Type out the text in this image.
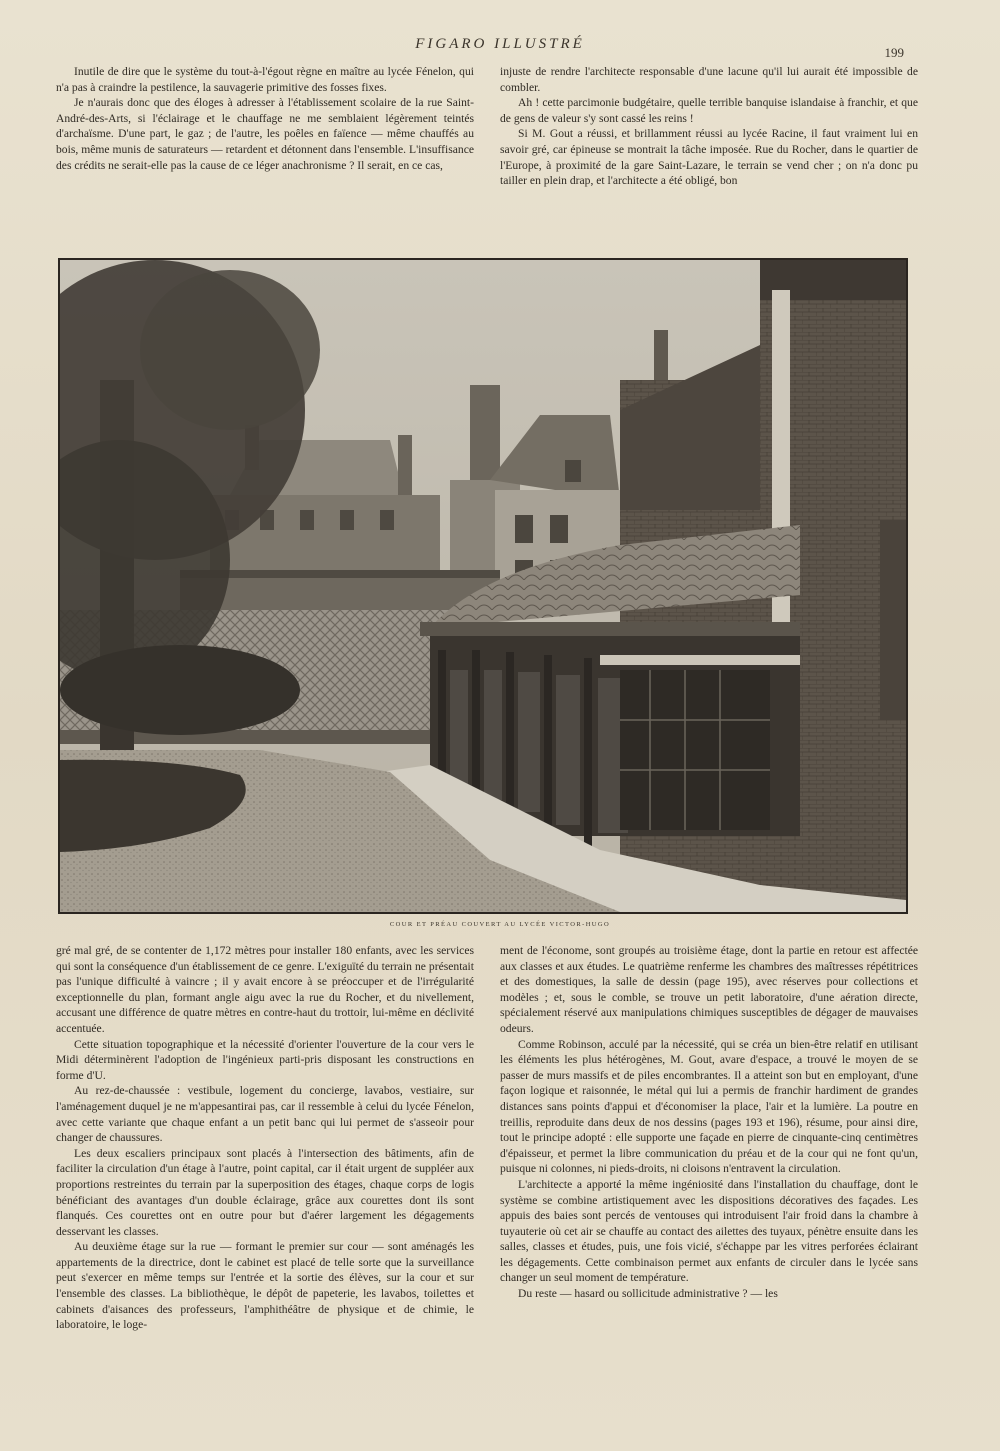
FIGARO ILLUSTRÉ
199

Inutile de dire que le système du tout-à-l'égout règne en maître au lycée Fénelon, qui n'a pas à craindre la pestilence, la sauvagerie primitive des fosses fixes.

Je n'aurais donc que des éloges à adresser à l'établissement scolaire de la rue Saint-André-des-Arts, si l'éclairage et le chauffage ne me semblaient légèrement teintés d'archaïsme. D'une part, le gaz ; de l'autre, les poêles en faïence — même chauffés au bois, même munis de saturateurs — retardent et détonnent dans l'ensemble. L'insuffisance des crédits ne serait-elle pas la cause de ce léger anachronisme ? Il serait, en ce cas,

injuste de rendre l'architecte responsable d'une lacune qu'il lui aurait été impossible de combler.

Ah ! cette parcimonie budgétaire, quelle terrible banquise islandaise à franchir, et que de gens de valeur s'y sont cassé les reins !

Si M. Gout a réussi, et brillamment réussi au lycée Racine, il faut vraiment lui en savoir gré, car épineuse se montrait la tâche imposée. Rue du Rocher, dans le quartier de l'Europe, à proximité de la gare Saint-Lazare, le terrain se vend cher ; on n'a donc pu tailler en plein drap, et l'architecte a été obligé, bon

COUR ET PRÉAU COUVERT AU LYCÉE VICTOR-HUGO

gré mal gré, de se contenter de 1,172 mètres pour installer 180 enfants, avec les services qui sont la conséquence d'un établissement de ce genre. L'exiguïté du terrain ne présentait pas l'unique difficulté à vaincre ; il y avait encore à se préoccuper et de l'irrégularité exceptionnelle du plan, formant angle aigu avec la rue du Rocher, et du nivellement, accusant une différence de quatre mètres en contre-haut du trottoir, lui-même en déclivité accentuée.

Cette situation topographique et la nécessité d'orienter l'ouverture de la cour vers le Midi déterminèrent l'adoption de l'ingénieux parti-pris disposant les constructions en forme d'U.

Au rez-de-chaussée : vestibule, logement du concierge, lavabos, vestiaire, sur l'aménagement duquel je ne m'appesantirai pas, car il ressemble à celui du lycée Fénelon, avec cette variante que chaque enfant a un petit banc qui lui permet de s'asseoir pour changer de chaussures.

Les deux escaliers principaux sont placés à l'intersection des bâtiments, afin de faciliter la circulation d'un étage à l'autre, point capital, car il était urgent de suppléer aux proportions restreintes du terrain par la superposition des étages, chaque corps de logis bénéficiant des avantages d'un double éclairage, grâce aux courettes dont ils sont flanqués. Ces courettes ont en outre pour but d'aérer largement les dégagements desservant les classes.

Au deuxième étage sur la rue — formant le premier sur cour — sont aménagés les appartements de la directrice, dont le cabinet est placé de telle sorte que la surveillance peut s'exercer en même temps sur l'entrée et la sortie des élèves, sur la cour et sur l'ensemble des classes. La bibliothèque, le dépôt de papeterie, les lavabos, toilettes et cabinets d'aisances des professeurs, l'amphithéâtre de physique et de chimie, le laboratoire, le loge-

ment de l'économe, sont groupés au troisième étage, dont la partie en retour est affectée aux classes et aux études. Le quatrième renferme les chambres des maîtresses répétitrices et des domestiques, la salle de dessin (page 195), avec réserves pour collections et modèles ; et, sous le comble, se trouve un petit laboratoire, d'une aération directe, spécialement réservé aux manipulations chimiques susceptibles de dégager de mauvaises odeurs.

Comme Robinson, acculé par la nécessité, qui se créa un bien-être relatif en utilisant les éléments les plus hétérogènes, M. Gout, avare d'espace, a trouvé le moyen de se passer de murs massifs et de piles encombrantes. Il a atteint son but en employant, d'une façon logique et raisonnée, le métal qui lui a permis de franchir hardiment de grandes distances sans points d'appui et d'économiser la place, l'air et la lumière. La poutre en treillis, reproduite dans deux de nos dessins (pages 193 et 196), résume, pour ainsi dire, tout le principe adopté : elle supporte une façade en pierre de cinquante-cinq centimètres d'épaisseur, et permet la libre communication du préau et de la cour qui ne font qu'un, puisque ni colonnes, ni pieds-droits, ni cloisons n'entravent la circulation.

L'architecte a apporté la même ingéniosité dans l'installation du chauffage, dont le système se combine artistiquement avec les dispositions décoratives des façades. Les appuis des baies sont percés de ventouses qui introduisent l'air froid dans la chambre à tuyauterie où cet air se chauffe au contact des ailettes des tuyaux, pénètre ensuite dans les salles, classes et études, puis, une fois vicié, s'échappe par les vitres perforées éclairant les dégagements. Cette combinaison permet aux enfants de circuler dans le lycée sans changer un seul moment de température.

Du reste — hasard ou sollicitude administrative ? — les
